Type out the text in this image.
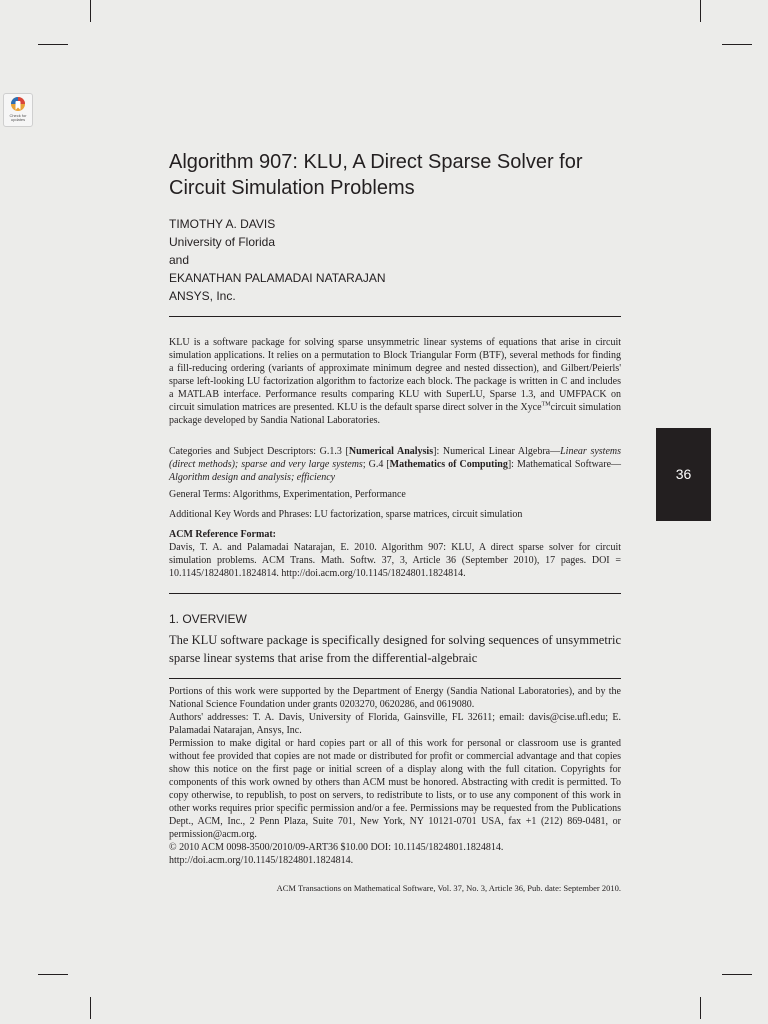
Check for
updates
Algorithm 907: KLU, A Direct Sparse Solver for Circuit Simulation Problems
TIMOTHY A. DAVIS
University of Florida
and
EKANATHAN PALAMADAI NATARAJAN
ANSYS, Inc.

KLU is a software package for solving sparse unsymmetric linear systems of equations that arise in circuit simulation applications. It relies on a permutation to Block Triangular Form (BTF), several methods for finding a fill-reducing ordering (variants of approximate minimum degree and nested dissection), and Gilbert/Peierls' sparse left-looking LU factorization algorithm to factorize each block. The package is written in C and includes a MATLAB interface. Performance results comparing KLU with SuperLU, Sparse 1.3, and UMFPACK on circuit simulation matrices are presented. KLU is the default sparse direct solver in the Xyce™circuit simulation package developed by Sandia National Laboratories.

Categories and Subject Descriptors: G.1.3 [Numerical Analysis]: Numerical Linear Algebra—Linear systems (direct methods); sparse and very large systems; G.4 [Mathematics of Computing]: Mathematical Software—Algorithm design and analysis; efficiency

General Terms: Algorithms, Experimentation, Performance
Additional Key Words and Phrases: LU factorization, sparse matrices, circuit simulation

ACM Reference Format:

Davis, T. A. and Palamadai Natarajan, E. 2010. Algorithm 907: KLU, A direct sparse solver for circuit simulation problems. ACM Trans. Math. Softw. 37, 3, Article 36 (September 2010), 17 pages. DOI = 10.1145/1824801.1824814. http://doi.acm.org/10.1145/1824801.1824814.

36
1. OVERVIEW

The KLU software package is specifically designed for solving sequences of unsymmetric sparse linear systems that arise from the differential-algebraic

Portions of this work were supported by the Department of Energy (Sandia National Laboratories), and by the National Science Foundation under grants 0203270, 0620286, and 0619080.

Authors' addresses: T. A. Davis, University of Florida, Gainsville, FL 32611; email: davis@cise.ufl.edu; E. Palamadai Natarajan, Ansys, Inc.

Permission to make digital or hard copies part or all of this work for personal or classroom use is granted without fee provided that copies are not made or distributed for profit or commercial advantage and that copies show this notice on the first page or initial screen of a display along with the full citation. Copyrights for components of this work owned by others than ACM must be honored. Abstracting with credit is permitted. To copy otherwise, to republish, to post on servers, to redistribute to lists, or to use any component of this work in other works requires prior specific permission and/or a fee. Permissions may be requested from the Publications Dept., ACM, Inc., 2 Penn Plaza, Suite 701, New York, NY 10121-0701 USA, fax +1 (212) 869-0481, or permission@acm.org.

© 2010 ACM 0098-3500/2010/09-ART36 $10.00 DOI: 10.1145/1824801.1824814.

http://doi.acm.org/10.1145/1824801.1824814.

ACM Transactions on Mathematical Software, Vol. 37, No. 3, Article 36, Pub. date: September 2010.
